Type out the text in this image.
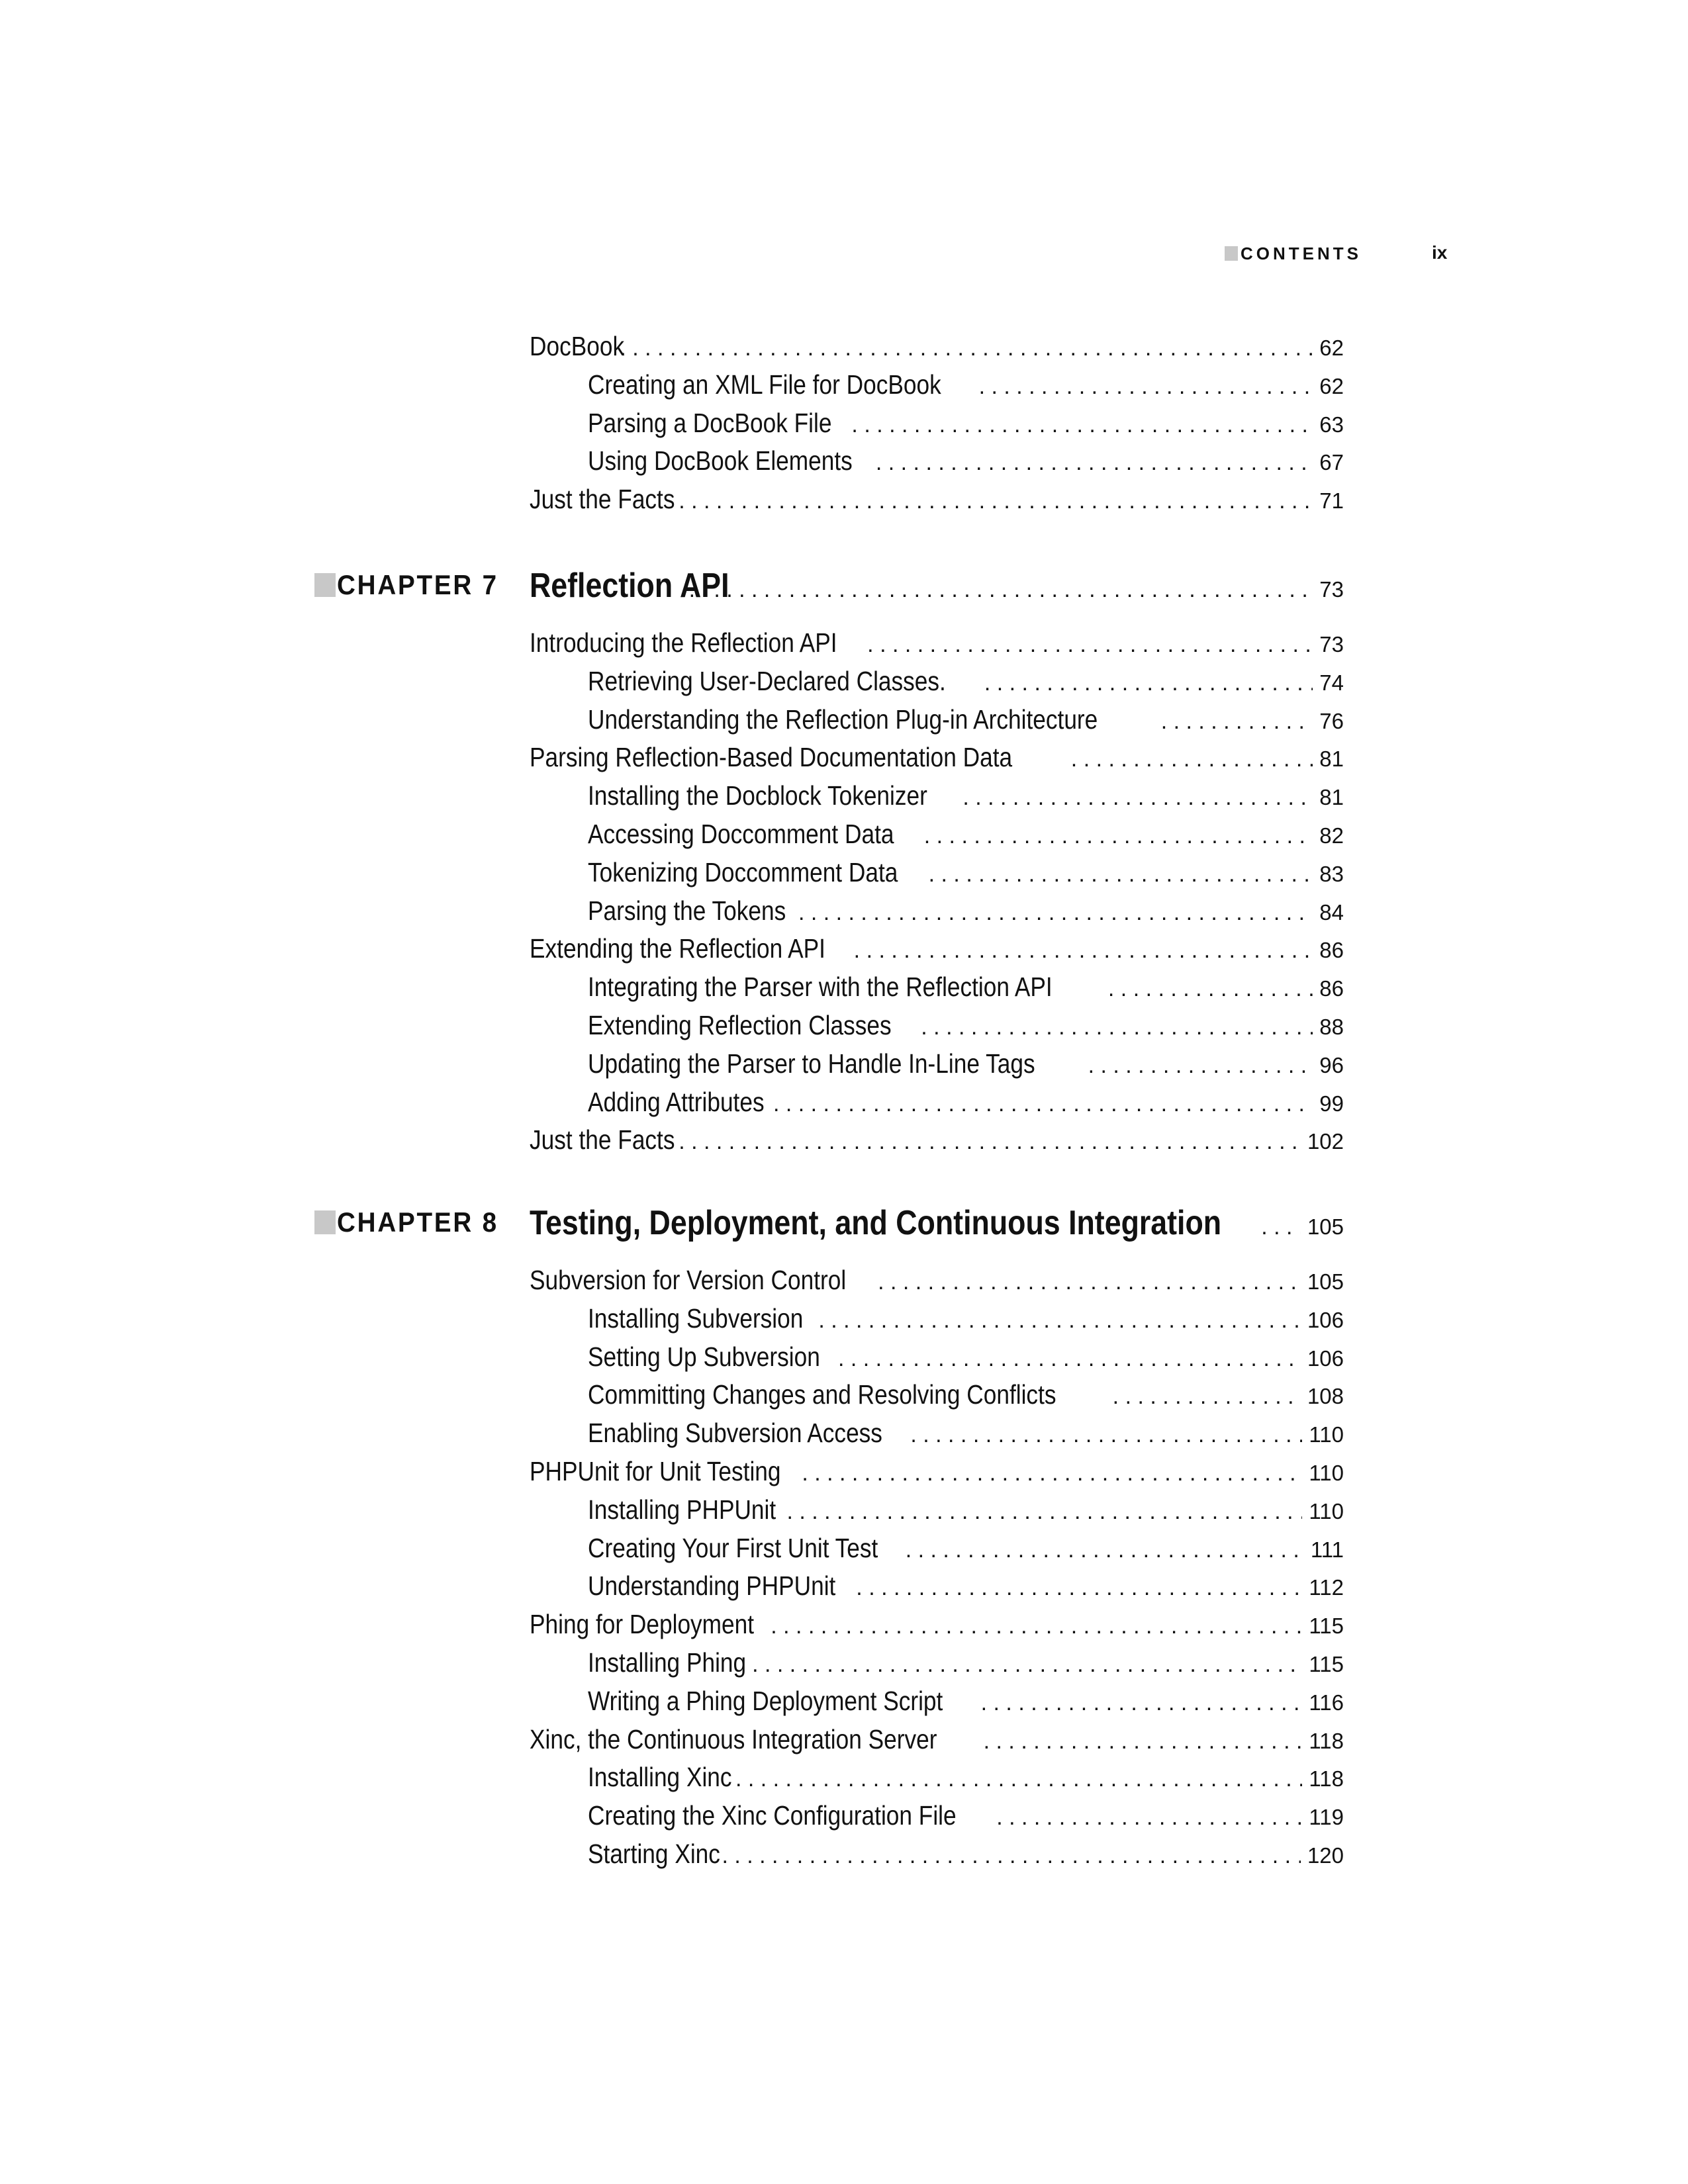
CONTENTS	ix
DocBook . . .	62
Creating an XML File for DocBook . . .	62
Parsing a DocBook File . . .	63
Using DocBook Elements . . .	67
Just the Facts . . .	71
CHAPTER 7 Reflection API . . .	73
Introducing the Reflection API . . .	73
Retrieving User-Declared Classes. . . .	74
Understanding the Reflection Plug-in Architecture . . .	76
Parsing Reflection-Based Documentation Data . . .	81
Installing the Docblock Tokenizer . . .	81
Accessing Doccomment Data . . .	82
Tokenizing Doccomment Data . . .	83
Parsing the Tokens . . .	84
Extending the Reflection API . . .	86
Integrating the Parser with the Reflection API . . .	86
Extending Reflection Classes . . .	88
Updating the Parser to Handle In-Line Tags . . .	96
Adding Attributes . . .	99
Just the Facts . . .	102
CHAPTER 8 Testing, Deployment, and Continuous Integration . . .	105
Subversion for Version Control . . .	105
Installing Subversion . . .	106
Setting Up Subversion . . .	106
Committing Changes and Resolving Conflicts . . .	108
Enabling Subversion Access . . .	110
PHPUnit for Unit Testing . . .	110
Installing PHPUnit . . .	110
Creating Your First Unit Test . . .	111
Understanding PHPUnit . . .	112
Phing for Deployment . . .	115
Installing Phing . . .	115
Writing a Phing Deployment Script . . .	116
Xinc, the Continuous Integration Server . . .	118
Installing Xinc . . .	118
Creating the Xinc Configuration File . . .	119
Starting Xinc . . .	120
